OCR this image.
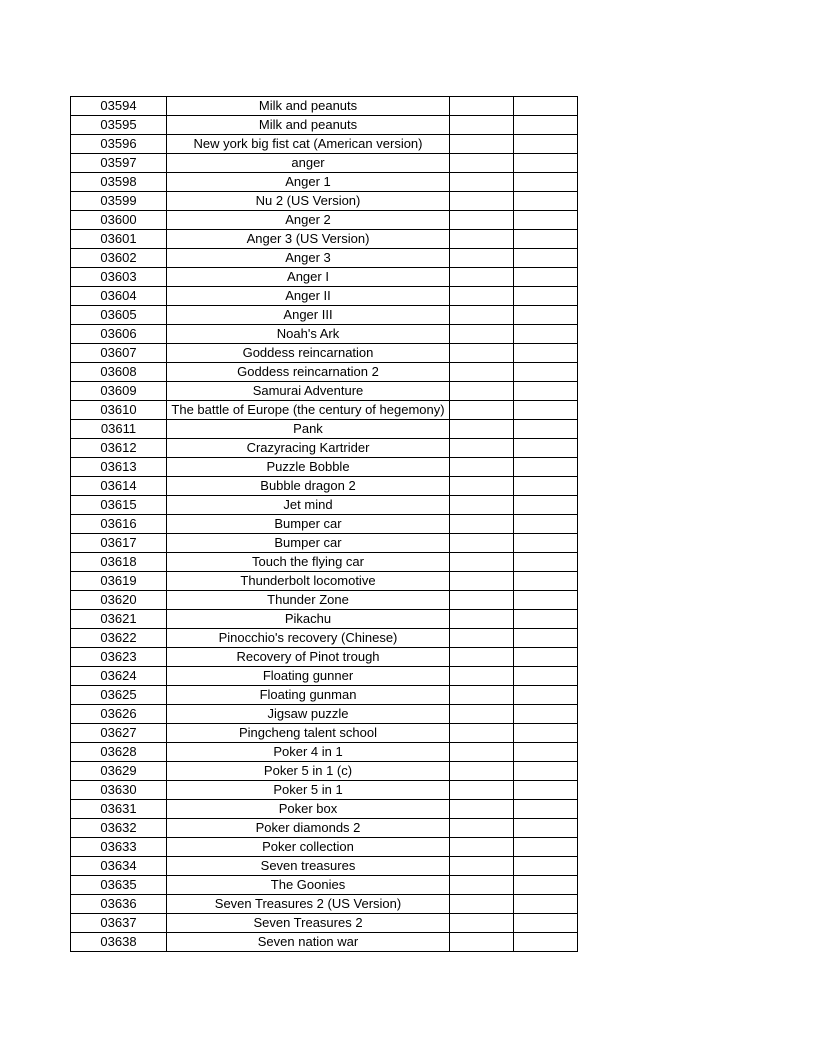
03594	Milk and peanuts		
03595	Milk and peanuts		
03596	New york big fist cat (American version)		
03597	anger		
03598	Anger 1		
03599	Nu 2 (US Version)		
03600	Anger 2		
03601	Anger 3 (US Version)		
03602	Anger 3		
03603	Anger I		
03604	Anger II		
03605	Anger III		
03606	Noah's Ark		
03607	Goddess reincarnation		
03608	Goddess reincarnation 2		
03609	Samurai Adventure		
03610	The battle of Europe (the century of hegemony)		
03611	Pank		
03612	Crazyracing Kartrider		
03613	Puzzle Bobble		
03614	Bubble dragon 2		
03615	Jet mind		
03616	Bumper car		
03617	Bumper car		
03618	Touch the flying car		
03619	Thunderbolt locomotive		
03620	Thunder Zone		
03621	Pikachu		
03622	Pinocchio's recovery (Chinese)		
03623	Recovery of Pinot trough		
03624	Floating gunner		
03625	Floating gunman		
03626	Jigsaw puzzle		
03627	Pingcheng talent school		
03628	Poker 4 in 1		
03629	Poker 5 in 1 (c)		
03630	Poker 5 in 1		
03631	Poker box		
03632	Poker diamonds 2		
03633	Poker collection		
03634	Seven treasures		
03635	The Goonies		
03636	Seven Treasures 2 (US Version)		
03637	Seven Treasures 2		
03638	Seven nation war		
